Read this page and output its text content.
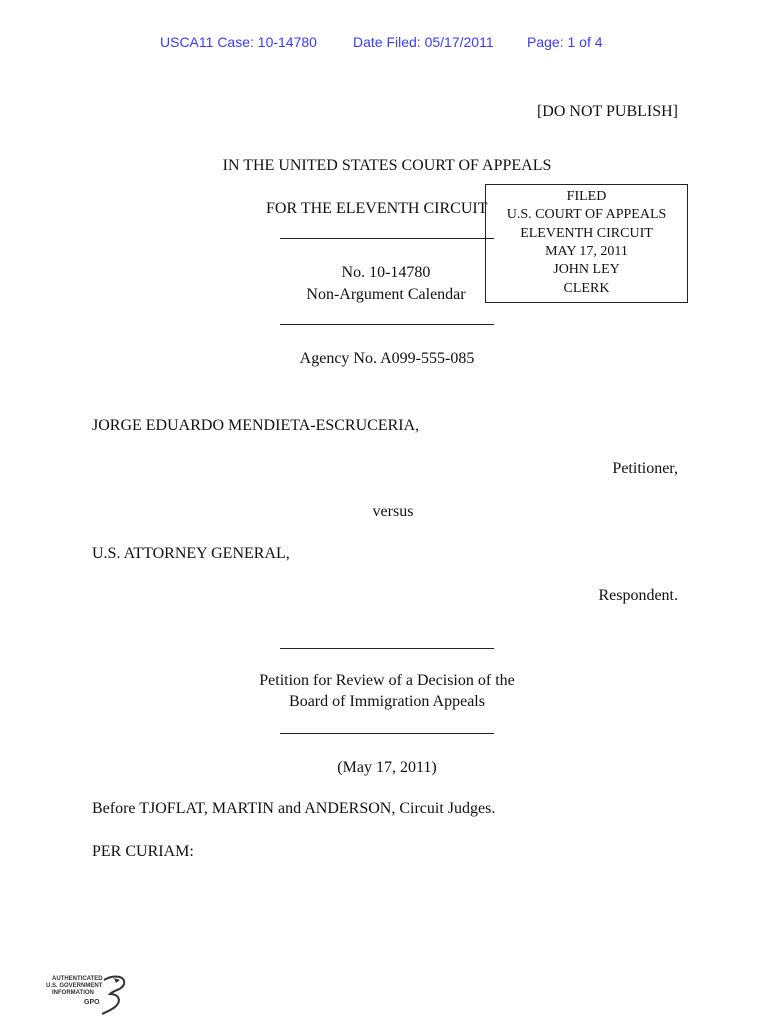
USCA11 Case: 10-14780	Date Filed: 05/17/2011 Page: 1 of 4
[DO NOT PUBLISH]
IN THE UNITED STATES COURT OF APPEALS
FOR THE ELEVENTH CIRCUIT
FILED
U.S. COURT OF APPEALS
ELEVENTH CIRCUIT
MAY 17, 2011
JOHN LEY
CLERK
No. 10-14780
Non-Argument Calendar
Agency No. A099-555-085
JORGE EDUARDO MENDIETA-ESCRUCERIA,
Petitioner,
versus
U.S. ATTORNEY GENERAL,
Respondent.
Petition for Review of a Decision of the
Board of Immigration Appeals
(May 17, 2011)
Before TJOFLAT, MARTIN and ANDERSON, Circuit Judges.
PER CURIAM:
AUTHENTICATED
U.S. GOVERNMENT
INFORMATION
GPO
